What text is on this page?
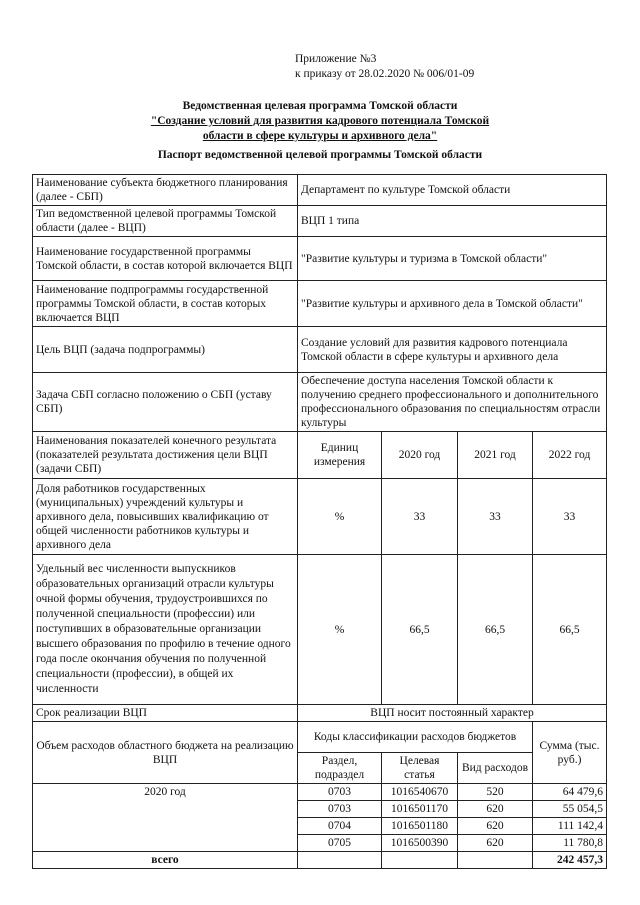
Приложение №3
к приказу от 28.02.2020 № 006/01-09
Ведомственная целевая программа Томской области
"Создание условий для развития кадрового потенциала Томской
области в сфере культуры и архивного дела"
Паспорт ведомственной целевой программы Томской области
Наименование субъекта бюджетного планирования (далее - СБП)	Департамент по культуре Томской области			
Тип ведомственной целевой программы Томской области (далее - ВЦП)	ВЦП 1 типа			
Наименование государственной программы Томской области, в состав которой включается ВЦП	"Развитие культуры и туризма в Томской области"			
Наименование подпрограммы государственной программы Томской области, в состав которых включается ВЦП	"Развитие культуры и архивного дела в Томской области"			
Цель ВЦП (задача подпрограммы)	Создание условий для развития кадрового потенциала Томской области в сфере культуры и архивного дела			
Задача СБП согласно положению о СБП (уставу СБП)	Обеспечение доступа населения Томской области к получению среднего профессионального и дополнительного профессионального образования по специальностям отрасли культуры			
Наименования показателей конечного результата (показателей результата достижения цели ВЦП (задачи СБП)	Единиц измерения	2020 год	2021 год	2022 год
Доля работников государственных (муниципальных) учреждений культуры и архивного дела, повысивших квалификацию от общей численности работников культуры и архивного дела	%	33	33	33
Удельный вес численности выпускников образовательных организаций отрасли культуры очной формы обучения, трудоустроившихся по полученной специальности (профессии) или поступивших в образовательные организации высшего образования по профилю в течение одного года после окончания обучения по полученной специальности (профессии), в общей их численности	%	66,5	66,5	66,5
Срок реализации ВЦП	ВЦП носит постоянный характер			
Объем расходов областного бюджета на реализацию ВЦП	Коды классификации расходов бюджетов			Сумма (тыс. руб.)
	Раздел, подраздел	Целевая статья	Вид расходов	
2020 год	0703	1016540670	520	64 479,6
	0703	1016501170	620	55 054,5
	0704	1016501180	620	111 142,4
	0705	1016500390	620	11 780,8
всего				242 457,3
